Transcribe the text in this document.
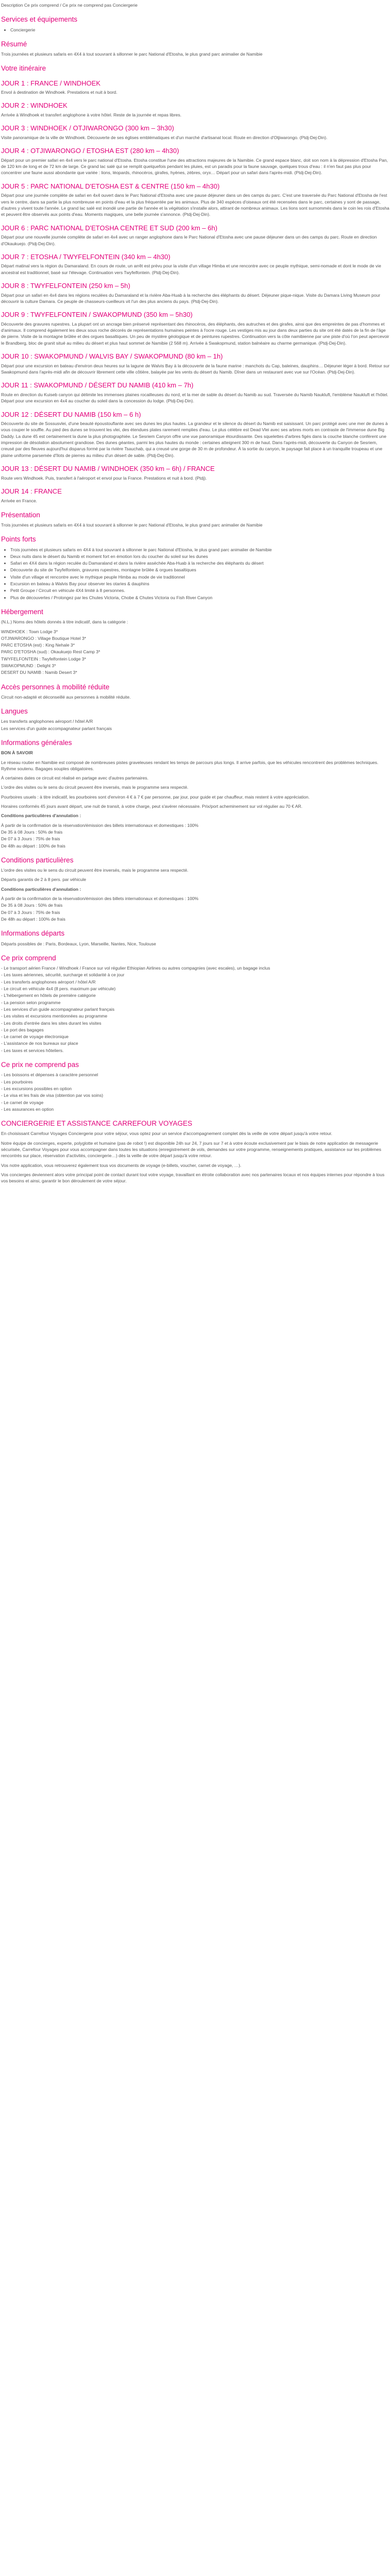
Description Ce prix comprend / Ce prix ne comprend pas Conciergerie

Services et équipements
• Conciergerie
Résumé

Trois journées et plusieurs safaris en 4X4 à tout souvrant à sillonner le parc National d'Etosha, le plus grand parc animalier de Namibie

Votre itinéraire
JOUR 1 : FRANCE / WINDHOEK

Envol à destination de Windhoek. Prestations et nuit à bord.

JOUR 2 : WINDHOEK

Arrivée à Windhoek et transfert anglophone à votre hôtel. Reste de la journée et repas libres.

JOUR 3 : WINDHOEK / OTJIWARONGO (300 km – 3h30)

Visite panoramique de la ville de Windhoek. Découverte de ses églises emblématiques et d'un marché d'artisanat local. Route en direction d'Otjiwarongo. (Ptdj-Dej-Din).

JOUR 4 : OTJIWARONGO / ETOSHA EST (280 km – 4h30)

Départ pour un premier safari en 4x4 vers le parc national d'Etosha. Etosha constitue l'une des attractions majeures de la Namibie. Ce grand espace blanc, doit son nom à la dépression d'Etosha Pan, de 120 km de long et de 72 km de large. Ce grand lac salé qui se remplit quelquefois pendant les pluies, est un paradis pour la faune sauvage, quelques trous d'eau : il n'en faut pas plus pour concentrer une faune aussi abondante que variée : lions, léopards, rhinocéros, girafes, hyènes, zèbres, oryx… Départ pour un safari dans l'après-midi. (Ptdj-Dej-Din).

JOUR 5 : PARC NATIONAL D'ETOSHA EST & CENTRE (150 km – 4h30)

Départ pour une journée complète de safari en 4x4 ouvert dans le Parc National d'Etosha avec une pause déjeuner dans un des camps du parc. C'est une traversée du Parc National d'Etosha de l'est vers le centre, dans sa partie la plus nombreuse en points d'eau et la plus fréquentée par les animaux. Plus de 340 espèces d'oiseaux ont été recensées dans le parc, certaines y sont de passage, d'autres y vivent toute l'année. Le grand lac salé est inondé une partie de l'année et la végétation s'installe alors, attirant de nombreux animaux. Les lions sont surnommés dans le coin les rois d'Etosha et peuvent être observés aux points d'eau. Moments magiques, une belle journée s'annonce. (Ptdj-Dej-Din).

JOUR 6 : PARC NATIONAL D'ETOSHA CENTRE ET SUD (200 km – 6h)

Départ pour une nouvelle journée complète de safari en 4x4 avec un ranger anglophone dans le Parc National d'Etosha avec une pause déjeuner dans un des camps du parc. Route en direction d'Okaukuejo. (Ptdj-Dej-Din).

JOUR 7 : ETOSHA / TWYFELFONTEIN (340 km – 4h30)

Départ matinal vers la région du Damaraland. En cours de route, un arrêt est prévu pour la visite d'un village Himba et une rencontre avec ce peuple mythique, semi-nomade et dont le mode de vie ancestral est traditionnel, basé sur l'élevage. Continuation vers Twyfelfontein. (Ptdj-Dej-Din).

JOUR 8 : TWYFELFONTEIN (250 km – 5h)

Départ pour un safari en 4x4 dans les régions reculées du Damaraland et la rivière Aba-Huab à la recherche des éléphants du désert. Déjeuner pique-nique. Visite du Damara Living Museum pour découvrir la culture Damara. Ce peuple de chasseurs-cueilleurs vit l'un des plus anciens du pays. (Ptdj-Dej-Din).

JOUR 9 : TWYFELFONTEIN / SWAKOPMUND (350 km – 5h30)

Découverte des gravures rupestres. La plupart ont un ancrage bien préservé représentant des rhinocéros, des éléphants, des autruches et des girafes, ainsi que des empreintes de pas d'hommes et d'animaux. Il comprend également les dieux sous roche décorés de représentations humaines peintes à l'ocre rouge. Les vestiges mis au jour dans deux parties du site ont été datés de la fin de l'âge de pierre. Visite de la montagne brûlée et des orgues basaltiques. Un peu de mystère géologique et de peintures rupestres. Continuation vers la côte namibienne par une piste d'où l'on peut apercevoir le Brandberg, bloc de granit situé au milieu du désert et plus haut sommet de Namibie (2 568 m). Arrivée à Swakopmund, station balnéaire au charme germanique. (Ptdj-Dej-Din).

JOUR 10 : SWAKOPMUND / WALVIS BAY / SWAKOPMUND (80 km – 1h)

Départ pour une excursion en bateau d'environ deux heures sur la lagune de Walvis Bay à la découverte de la faune marine : manchots du Cap, baleines, dauphins… Déjeuner léger à bord. Retour sur Swakopmund dans l'après-midi afin de découvrir librement cette ville côtière, balayée par les vents du désert du Namib. Dîner dans un restaurant avec vue sur l'Océan. (Ptdj-Dej-Din).

JOUR 11 : SWAKOPMUND / DÉSERT DU NAMIB (410 km – 7h)

Route en direction du Kuiseb canyon qui délimite les immenses plaines rocailleuses du nord, et la mer de sable du désert du Namib au sud. Traversée du Namib Naukluft, l'emblème Naukluft et l'hôtel. Départ pour une excursion en 4x4 au coucher du soleil dans la concession du lodge. (Ptdj-Dej-Din).

JOUR 12 : DÉSERT DU NAMIB (150 km – 6 h)

Découverte du site de Sossusvlei, d'une beauté époustouflante avec ses dunes les plus hautes. La grandeur et le silence du désert du Namib est saisissant. Un parc protégé avec une mer de dunes à vous couper le souffle. Au pied des dunes se trouvent les vlei, des étendues plates rarement remplies d'eau. Le plus célèbre est Dead Vlei avec ses arbres morts en contraste de l'immense dune Big Daddy. La dune 45 est certainement la dune la plus photographiée. Le Sesriem Canyon offre une vue panoramique étourdissante. Des squelettes d'arbres figés dans la couche blanche confèrent une impression de désolation absolument grandiose. Des dunes géantes, parmi les plus hautes du monde : certaines atteignent 300 m de haut. Dans l'après-midi, découverte du Canyon de Sesriem, creusé par des fleuves aujourd'hui disparus formé par la rivière Tsauchab, qui a creusé une gorge de 30 m de profondeur. À la sortie du canyon, le paysage fait place à un tranquille troupeau et une plaine uniforme parsemée d'îlots de pierres au milieu d'un désert de sable. (Ptdj-Dej-Din).

JOUR 13 : DÉSERT DU NAMIB / WINDHOEK (350 km – 6h) / FRANCE

Route vers Windhoek. Puis, transfert à l'aéroport et envol pour la France. Prestations et nuit à bord. (Ptdj).

JOUR 14 : FRANCE

Arrivée en France.

Présentation

Trois journées et plusieurs safaris en 4X4 à tout souvrant à sillonner le parc National d'Etosha, le plus grand parc animalier de Namibie

Points forts
• Trois journées et plusieurs safaris en 4X4 à tout souvrant à sillonner le parc National d'Etosha, le plus grand parc animalier de Namibie
• Deux nuits dans le désert du Namib et moment fort en émotion lors du coucher du soleil sur les dunes
• Safari en 4X4 dans la région reculée du Damaraland et dans la rivière asséchée Aba-Huab à la recherche des éléphants du désert
• Découverte du site de Twyfelfontein, gravures rupestres, montagne brûlée & orgues basaltiques
• Visite d'un village et rencontre avec le mythique peuple Himba au mode de vie traditionnel
• Excursion en bateau à Walvis Bay pour observer les otaries & dauphins
• Petit Groupe / Circuit en véhicule 4X4 limité à 8 personnes.
• Plus de découvertes / Prolongez par les Chutes Victoria, Chobe & Chutes Victoria ou Fish River Canyon
Hébergement

(N.L.) Noms des hôtels donnés à titre indicatif, dans la catégorie :

WINDHOEK : Town Lodge 3*
OTJIWARONGO : Village Boutique Hotel 3*
PARC ETOSHA (est) : King Nehale 3*
PARC D'ETOSHA (sud) : Okaukuejo Rest Camp 3*
TWYFELFONTEIN : Twyfelfontein Lodge 3*
SWAKOPMUND : Delight 3*
DESERT DU NAMIB : Namib Desert 3*
Accès personnes à mobilité réduite

Circuit non-adapté et déconseillé aux personnes à mobilité réduite.

Langues
Les transferts anglophones aéroport / hôtel A/R
Les services d'un guide accompagnateur parlant français
Informations générales

BON À SAVOIR

Le réseau routier en Namibie est composé de nombreuses pistes graveleuses rendant les temps de parcours plus longs. Il arrive parfois, que les véhicules rencontrent des problèmes techniques. Rythme soutenu. Bagages souples obligatoires.

À certaines dates ce circuit est réalisé en partage avec d'autres partenaires.

L'ordre des visites ou le sens du circuit peuvent être inversés, mais le programme sera respecté.

Pourboires usuels : à titre indicatif, les pourboires sont d'environ 4 € à 7 € par personne, par jour, pour guide et par chauffeur, mais restent à votre appréciation.

Horaires conformés 45 jours avant départ, une nuit de transit, à votre charge, peut s'avérer nécessaire. Prix/port acheminement sur vol régulier au 70 € AR.

Conditions particulières d'annulation :

À partir de la confirmation de la réservation/émission des billets internationaux et domestiques : 100%
De 35 à 08 Jours : 50% de frais
De 07 à 3 Jours : 75% de frais
De 48h au départ : 100% de frais
Conditions particulières

L'ordre des visites ou le sens du circuit peuvent être inversés, mais le programme sera respecté.

Départs garantis de 2 à 8 pers. par véhicule

Conditions particulières d'annulation :

À partir de la confirmation de la réservation/émission des billets internationaux et domestiques : 100%
De 35 à 08 Jours : 50% de frais
De 07 à 3 Jours : 75% de frais
De 48h au départ : 100% de frais
Informations départs

Départs possibles de : Paris, Bordeaux, Lyon, Marseille, Nantes, Nice, Toulouse

Ce prix comprend
- Le transport aérien France / Windhoek / France sur vol régulier Ethiopian Airlines ou autres compagnies (avec escales), un bagage inclus
- Les taxes aériennes, sécurité, surcharge et solidarité à ce jour
- Les transferts anglophones aéroport / hôtel A/R
- Le circuit en véhicule 4x4 (8 pers. maximum par véhicule)
- L'hébergement en hôtels de première catégorie
- La pension selon programme
- Les services d'un guide accompagnateur parlant français
- Les visites et excursions mentionnées au programme
- Les droits d'entrée dans les sites durant les visites
- Le port des bagages
- Le carnet de voyage électronique
- L'assistance de nos bureaux sur place
- Les taxes et services hôteliers.
Ce prix ne comprend pas
- Les boissons et dépenses à caractère personnel
- Les pourboires
- Les excursions possibles en option
- Le visa et les frais de visa (obtention par vos soins)
- Le carnet de voyage
- Les assurances en option
CONCIERGERIE ET ASSISTANCE CARREFOUR VOYAGES

En choisissant Carrefour Voyages Conciergerie pour votre séjour, vous optez pour un service d'accompagnement complet dès la veille de votre départ jusqu'à votre retour.

Notre équipe de concierges, experte, polyglotte et humaine (pas de robot !) est disponible 24h sur 24, 7 jours sur 7 et à votre écoute exclusivement par le biais de notre application de messagerie sécurisée, Carrefour Voyages pour vous accompagner dans toutes les situations (enregistrement de vols, demandes sur votre programme, renseignements pratiques, assistance sur les problèmes rencontrés sur place, réservation d'activités, conciergerie…) dès la veille de votre départ jusqu'à votre retour.

Vos notre application, vous retrouverez également tous vos documents de voyage (e-billets, voucher, carnet de voyage, …).

Vos concierges deviennent alors votre principal point de contact durant tout votre voyage, travaillant en étroite collaboration avec nos partenaires locaux et nos équipes internes pour répondre à tous vos besoins et ainsi, garantir le bon déroulement de votre séjour.
